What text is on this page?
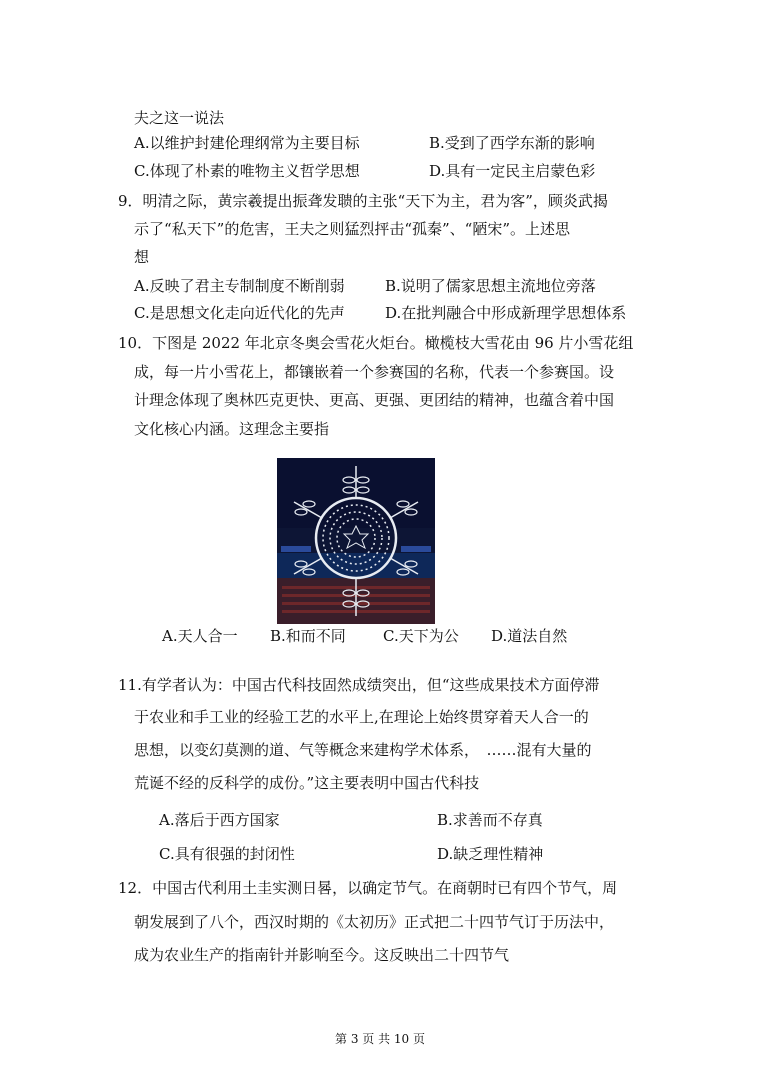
夫之这一说法
A.以维护封建伦理纲常为主要目标	B.受到了西学东渐的影响
C.体现了朴素的唯物主义哲学思想	D.具有一定民主启蒙色彩
9．明清之际，黄宗羲提出振聋发聩的主张“天下为主，君为客”，顾炎武揭
示了“私天下”的危害，王夫之则猛烈抨击“孤秦”、“陋宋”。上述思
想
A.反映了君主专制制度不断削弱	B.说明了儒家思想主流地位旁落
C.是思想文化走向近代化的先声	D.在批判融合中形成新理学思想体系
10．下图是 2022 年北京冬奥会雪花火炬台。橄榄枝大雪花由 96 片小雪花组
成，每一片小雪花上，都镶嵌着一个参赛国的名称，代表一个参赛国。设
计理念体现了奥林匹克更快、更高、更强、更团结的精神，也蕴含着中国
文化核心内涵。这理念主要指
A.天人合一 B.和而不同 C.天下为公 D.道法自然
11.有学者认为：中国古代科技固然成绩突出，但“这些成果技术方面停滞
于农业和手工业的经验工艺的水平上,在理论上始终贯穿着天人合一的
思想，以变幻莫测的道、气等概念来建构学术体系，　……混有大量的
荒诞不经的反科学的成份。”这主要表明中国古代科技
A.落后于西方国家	B.求善而不存真
C.具有很强的封闭性	D.缺乏理性精神
12．中国古代利用土圭实测日晷，以确定节气。在商朝时已有四个节气，周
朝发展到了八个，西汉时期的《太初历》正式把二十四节气订于历法中，
成为农业生产的指南针并影响至今。这反映出二十四节气
第 3 页 共 10 页
